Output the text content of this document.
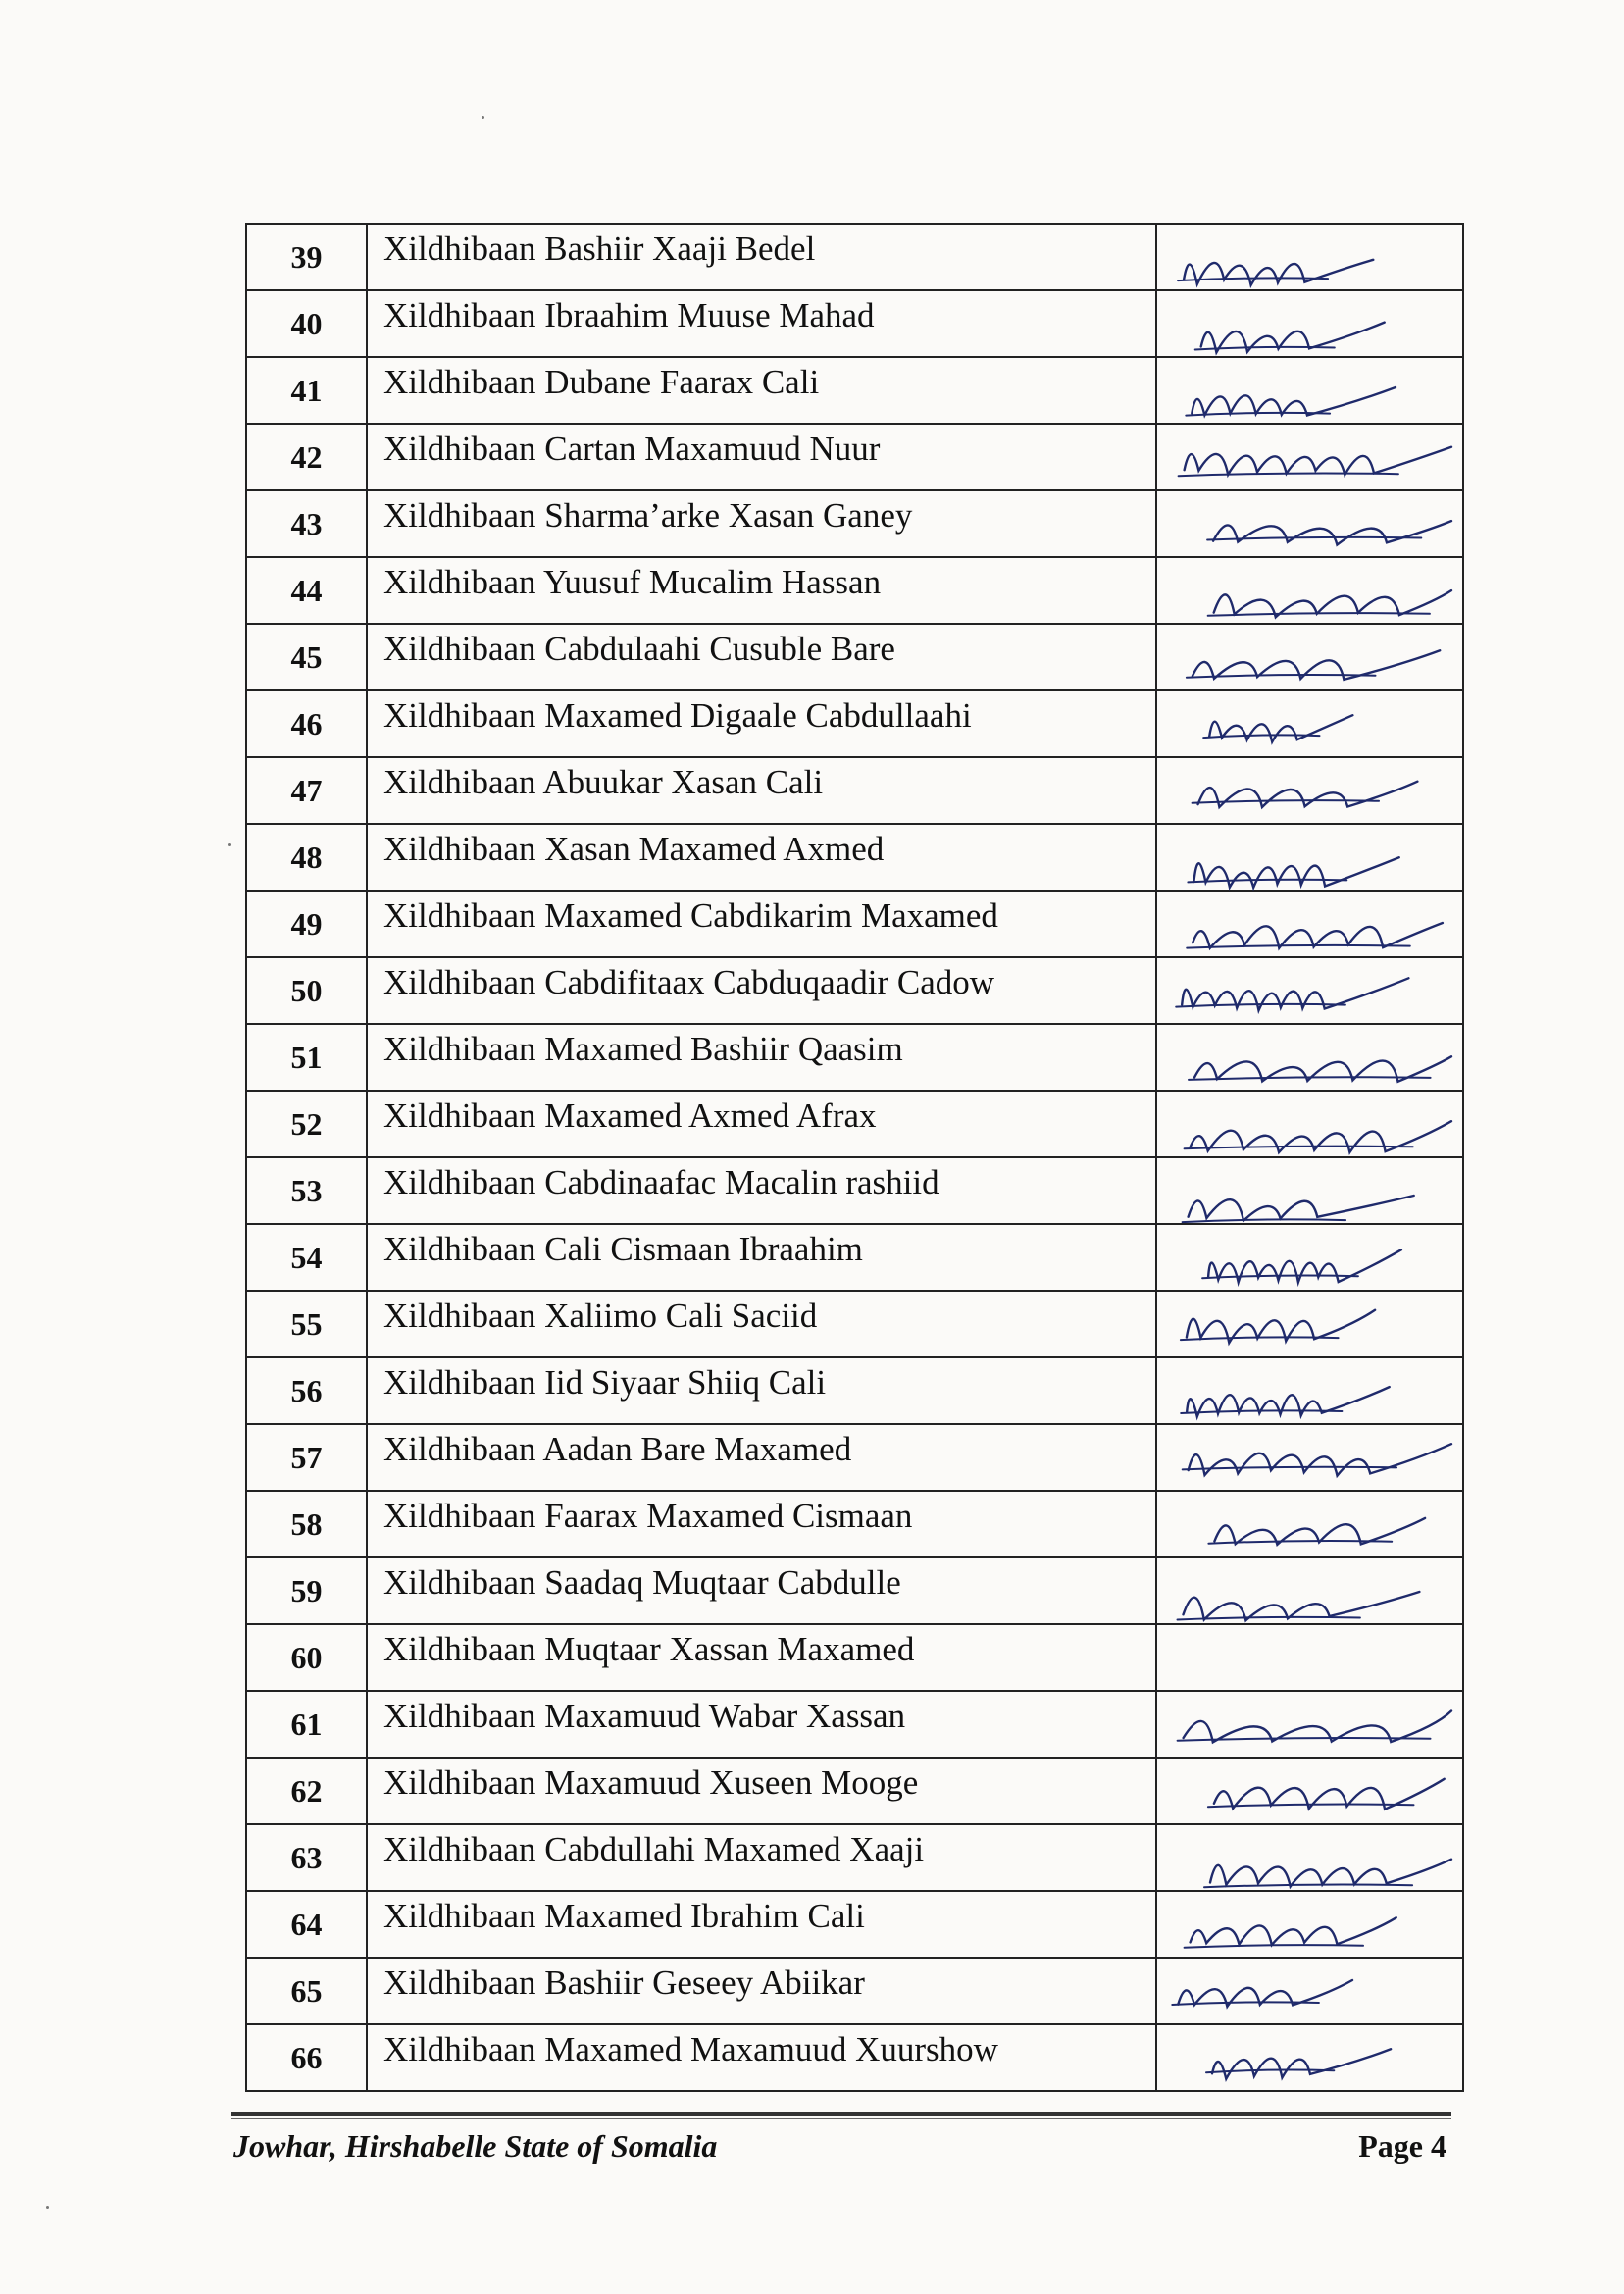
39	Xildhibaan Bashiir Xaaji Bedel	

40	Xildhibaan Ibraahim Muuse Mahad	

41	Xildhibaan Dubane Faarax Cali	

42	Xildhibaan Cartan Maxamuud Nuur	

43	Xildhibaan Sharma’arke Xasan Ganey	

44	Xildhibaan Yuusuf Mucalim Hassan	

45	Xildhibaan Cabdulaahi Cusuble Bare	

46	Xildhibaan Maxamed Digaale Cabdullaahi	

47	Xildhibaan Abuukar Xasan Cali	

48	Xildhibaan Xasan Maxamed Axmed	

49	Xildhibaan Maxamed Cabdikarim Maxamed	

50	Xildhibaan Cabdifitaax Cabduqaadir Cadow	

51	Xildhibaan Maxamed Bashiir Qaasim	

52	Xildhibaan Maxamed Axmed Afrax	

53	Xildhibaan Cabdinaafac Macalin rashiid	

54	Xildhibaan Cali Cismaan Ibraahim	

55	Xildhibaan Xaliimo Cali Saciid	

56	Xildhibaan Iid Siyaar Shiiq Cali	

57	Xildhibaan Aadan Bare Maxamed	

58	Xildhibaan Faarax Maxamed Cismaan	

59	Xildhibaan Saadaq Muqtaar Cabdulle	

60	Xildhibaan Muqtaar Xassan Maxamed	
61	Xildhibaan Maxamuud Wabar Xassan	

62	Xildhibaan Maxamuud Xuseen Mooge	

63	Xildhibaan Cabdullahi Maxamed Xaaji	

64	Xildhibaan Maxamed Ibrahim Cali	

65	Xildhibaan Bashiir Geseey Abiikar	

66	Xildhibaan Maxamed Maxamuud Xuurshow	
Jowhar, Hirshabelle State of Somalia	Page 4
